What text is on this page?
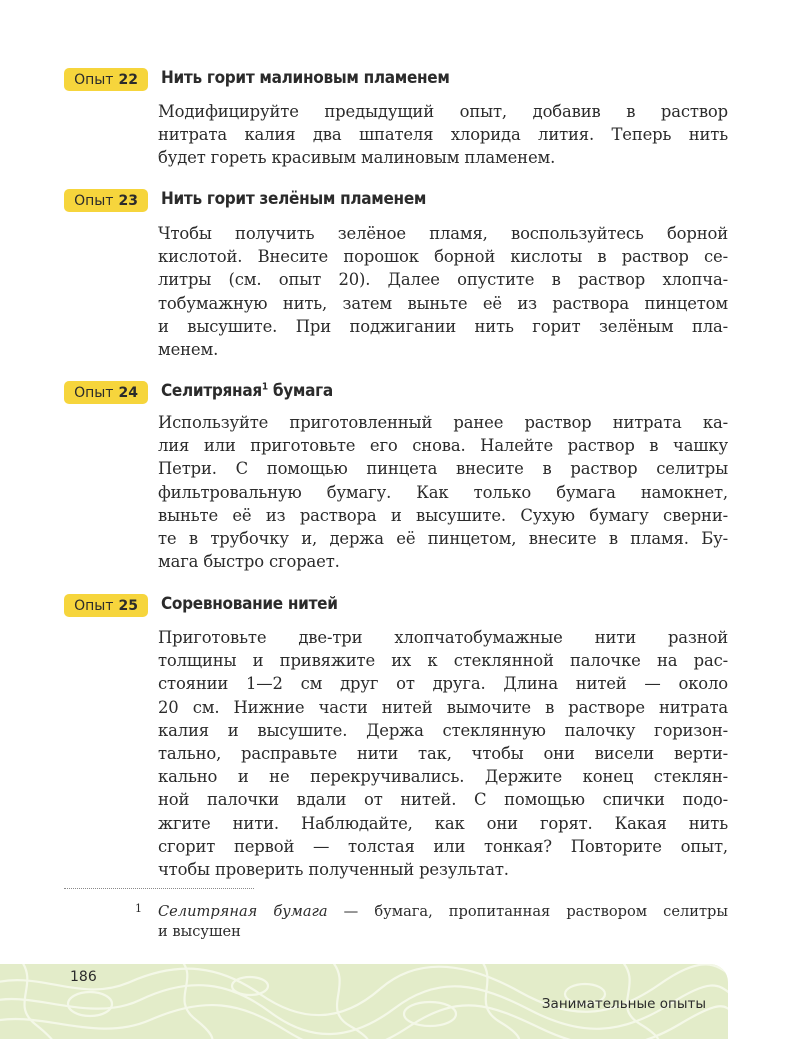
Опыт 22 Нить горит малиновым пламенем
Модифицируйте предыдущий опыт, добавив в раствор
нитрата калия два шпателя хлорида лития. Теперь нить
будет гореть красивым малиновым пламенем.
Опыт 23 Нить горит зелёным пламенем
Чтобы получить зелёное пламя, воспользуйтесь борной
кислотой. Внесите порошок борной кислоты в раствор се-
литры (см. опыт 20). Далее опустите в раствор хлопча-
тобумажную нить, затем выньте её из раствора пинцетом
и высушите. При поджигании нить горит зелёным пла-
менем.
Опыт 24 Селитряная$^1$ бумага
Используйте приготовленный ранее раствор нитрата ка-
лия или приготовьте его снова. Налейте раствор в чашку
Петри. С помощью пинцета внесите в раствор селитры
фильтровальную бумагу. Как только бумага намокнет,
выньте её из раствора и высушите. Сухую бумагу сверни-
те в трубочку и, держа её пинцетом, внесите в пламя. Бу-
мага быстро сгорает.
Опыт 25 Соревнование нитей
Приготовьте две-три хлопчатобумажные нити разной
толщины и привяжите их к стеклянной палочке на рас-
стоянии 1—2 см друг от друга. Длина нитей — около
20 см. Нижние части нитей вымочите в растворе нитрата
калия и высушите. Держа стеклянную палочку горизон-
тально, расправьте нити так, чтобы они висели верти-
кально и не перекручивались. Держите конец стеклян-
ной палочки вдали от нитей. С помощью спички подо-
жгите нити. Наблюдайте, как они горят. Какая нить
сгорит первой — толстая или тонкая? Повторите опыт,
чтобы проверить полученный результат.
1 Селитряная бумага — бумага, пропитанная раствором селитры
и высушен
186
Занимательные опыты
